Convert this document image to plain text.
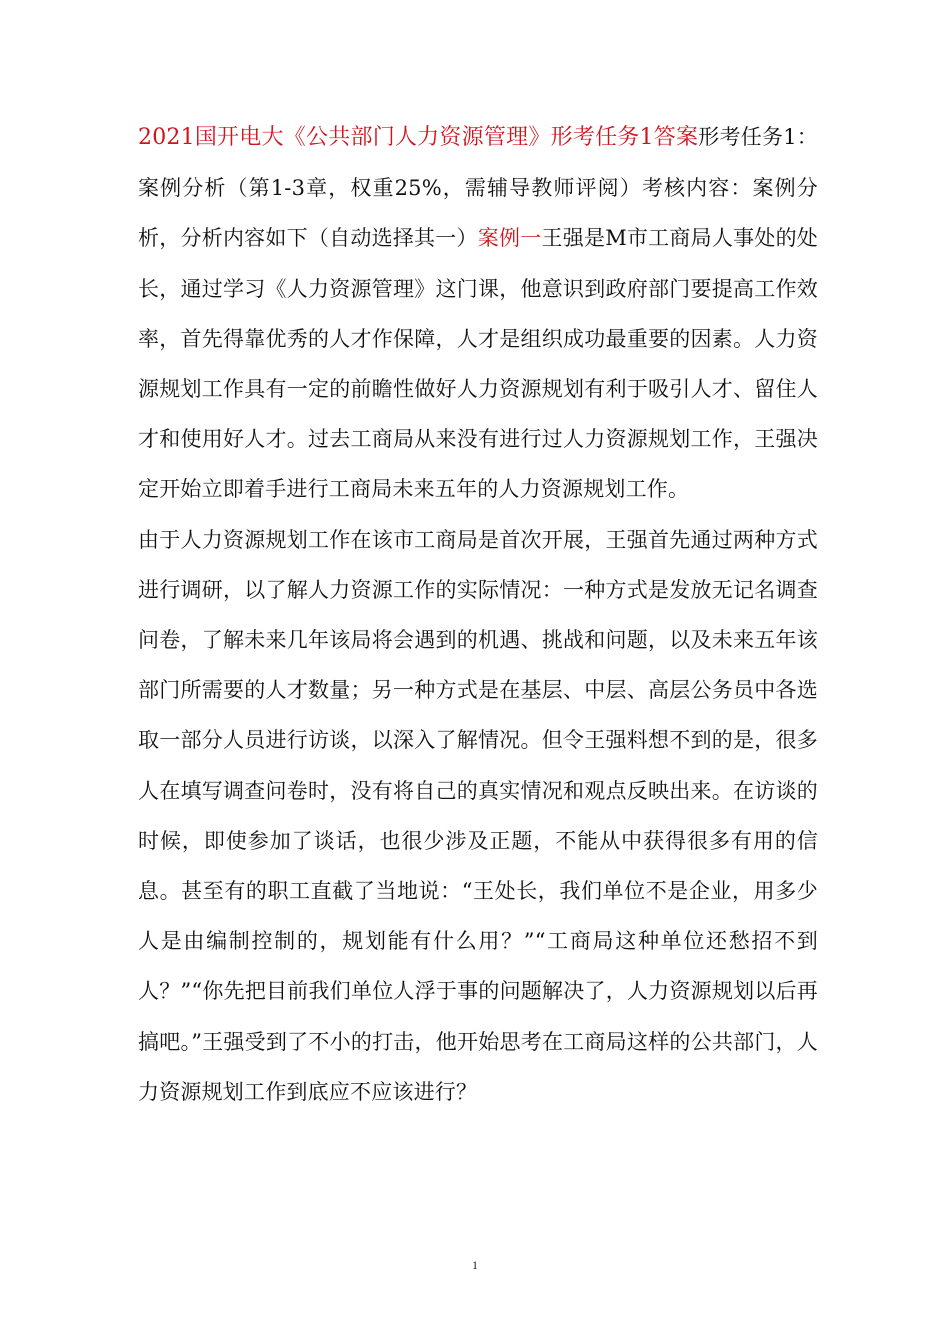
2021国开电大《公共部门人力资源管理》形考任务1答案形考任务1：案例分析（第1-3章，权重25%，需辅导教师评阅）考核内容：案例分析，分析内容如下（自动选择其一）案例一王强是M市工商局人事处的处长，通过学习《人力资源管理》这门课，他意识到政府部门要提高工作效率，首先得靠优秀的人才作保障，人才是组织成功最重要的因素。人力资源规划工作具有一定的前瞻性做好人力资源规划有利于吸引人才、留住人才和使用好人才。过去工商局从来没有进行过人力资源规划工作，王强决定开始立即着手进行工商局未来五年的人力资源规划工作。

由于人力资源规划工作在该市工商局是首次开展，王强首先通过两种方式进行调研，以了解人力资源工作的实际情况：一种方式是发放无记名调查问卷，了解未来几年该局将会遇到的机遇、挑战和问题，以及未来五年该部门所需要的人才数量；另一种方式是在基层、中层、高层公务员中各选取一部分人员进行访谈，以深入了解情况。但令王强料想不到的是，很多人在填写调查问卷时，没有将自己的真实情况和观点反映出来。在访谈的时候，即使参加了谈话，也很少涉及正题，不能从中获得很多有用的信息。甚至有的职工直截了当地说：“王处长，我们单位不是企业，用多少人是由编制控制的，规划能有什么用？”“工商局这种单位还愁招不到人？”“你先把目前我们单位人浮于事的问题解决了，人力资源规划以后再搞吧。”王强受到了不小的打击，他开始思考在工商局这样的公共部门，人力资源规划工作到底应不应该进行？

1
